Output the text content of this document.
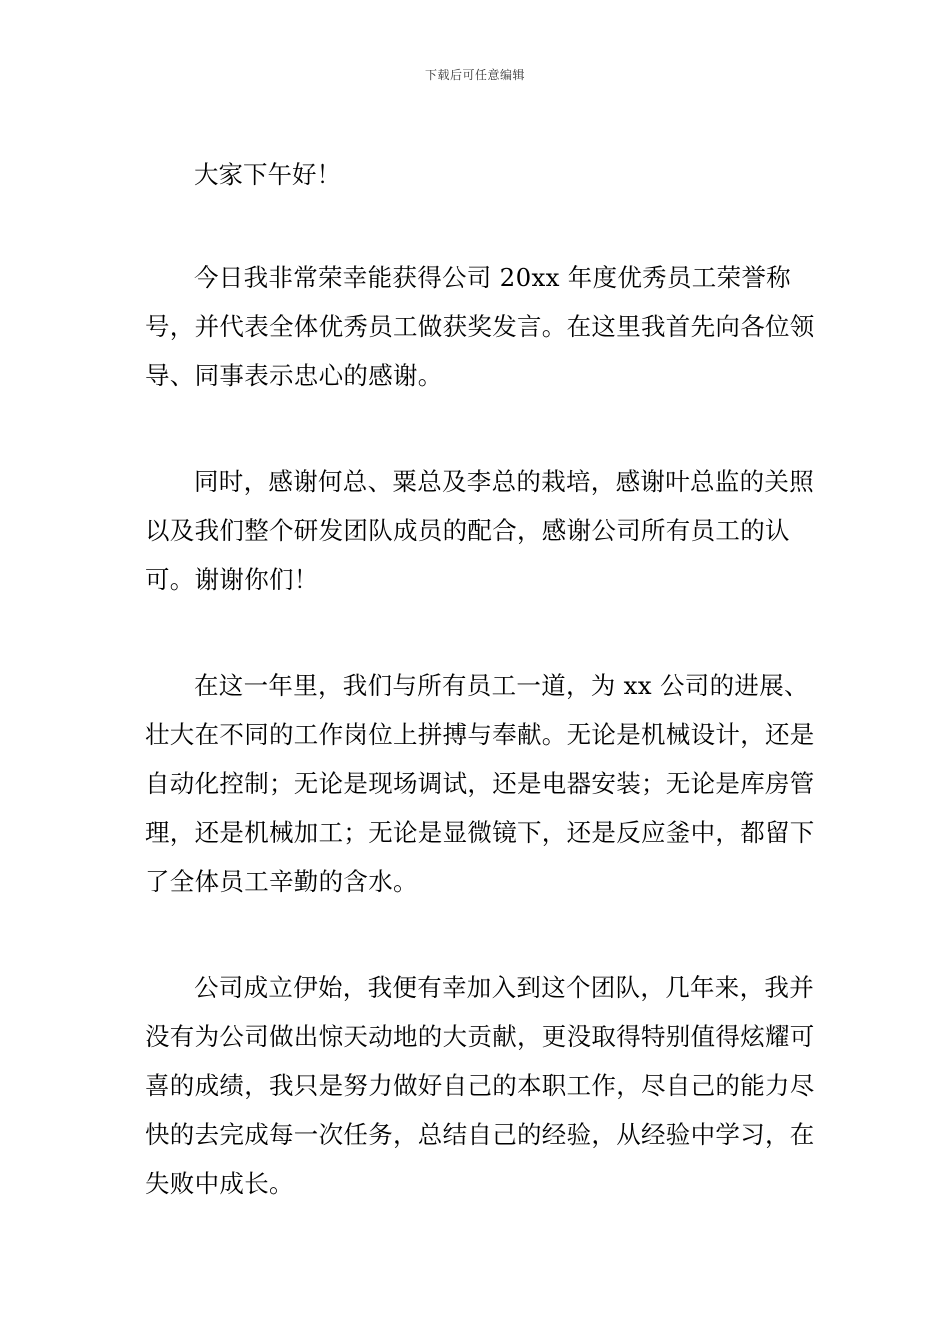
下载后可任意编辑

大家下午好！

今日我非常荣幸能获得公司 20xx 年度优秀员工荣誉称号，并代表全体优秀员工做获奖发言。在这里我首先向各位领导、同事表示忠心的感谢。

同时，感谢何总、粟总及李总的栽培，感谢叶总监的关照以及我们整个研发团队成员的配合，感谢公司所有员工的认可。谢谢你们！

在这一年里，我们与所有员工一道，为 xx 公司的进展、壮大在不同的工作岗位上拼搏与奉献。无论是机械设计，还是自动化控制；无论是现场调试，还是电器安装；无论是库房管理，还是机械加工；无论是显微镜下，还是反应釜中，都留下了全体员工辛勤的含水。

公司成立伊始，我便有幸加入到这个团队，几年来，我并没有为公司做出惊天动地的大贡献，更没取得特别值得炫耀可喜的成绩，我只是努力做好自己的本职工作，尽自己的能力尽快的去完成每一次任务，总结自己的经验，从经验中学习，在失败中成长。
